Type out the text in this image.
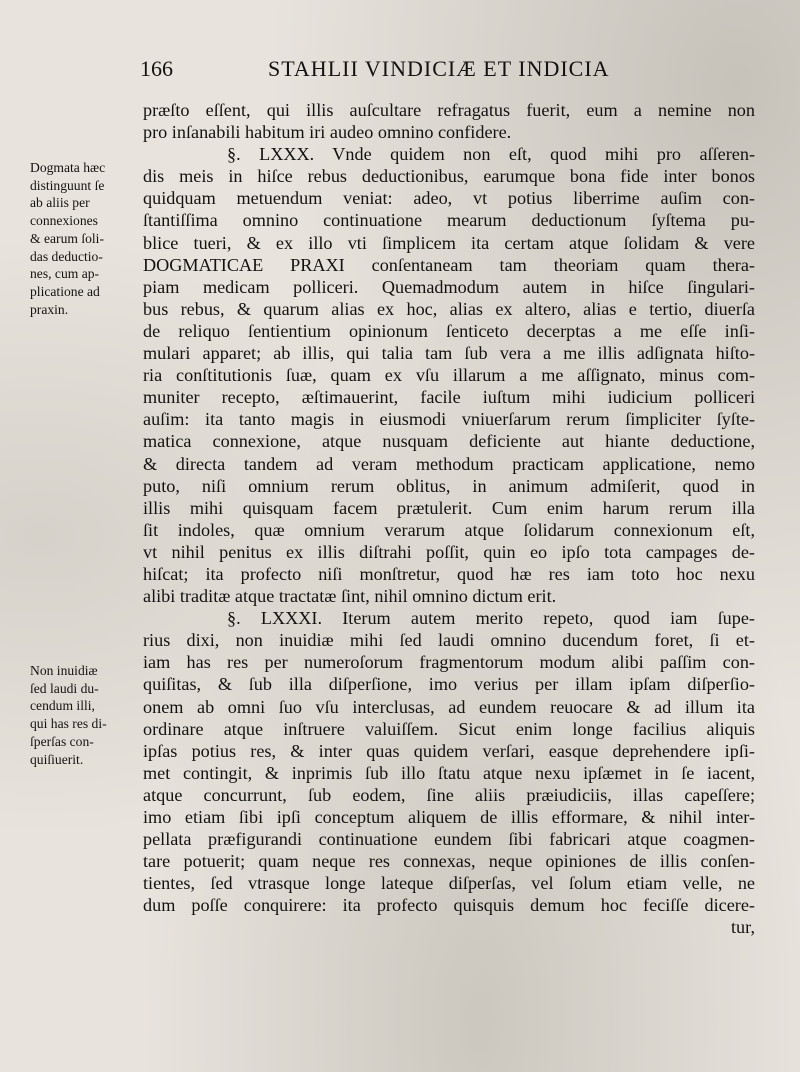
166	STAHLII VINDICIÆ ET INDICIA
Dogmata hæc
distinguunt ſe
ab aliis per
connexiones
& earum ſoli-
das deductio-
nes, cum ap-
plicatione ad
praxin.
Non inuidiæ
ſed laudi du-
cendum illi,
qui has res di-
ſperſas con-
quiſiuerit.
præſto eſſent, qui illis auſcultare refragatus fuerit, eum a nemine non
pro inſanabili habitum iri audeo omnino confidere.
§. LXXX. Vnde quidem non eſt, quod mihi pro aſſeren-
dis meis in hiſce rebus deductionibus, earumque bona fide inter bonos
quidquam metuendum veniat: adeo, vt potius liberrime auſim con-
ſtantiſſima omnino continuatione mearum deductionum ſyſtema pu-
blice tueri, & ex illo vti ſimplicem ita certam atque ſolidam & vere
DOGMATICAE PRAXI conſentaneam tam theoriam quam thera-
piam medicam polliceri. Quemadmodum autem in hiſce ſingulari-
bus rebus, & quarum alias ex hoc, alias ex altero, alias e tertio, diuerſa
de reliquo ſentientium opinionum ſenticeto decerptas a me eſſe inſi-
mulari apparet; ab illis, qui talia tam ſub vera a me illis adſignata hiſto-
ria conſtitutionis ſuæ, quam ex vſu illarum a me aſſignato, minus com-
muniter recepto, æſtimauerint, facile iuſtum mihi iudicium polliceri
auſim: ita tanto magis in eiusmodi vniuerſarum rerum ſimpliciter ſyſte-
matica connexione, atque nusquam deficiente aut hiante deductione,
& directa tandem ad veram methodum practicam applicatione, nemo
puto, niſi omnium rerum oblitus, in animum admiſerit, quod in
illis mihi quisquam facem prætulerit. Cum enim harum rerum illa
ſit indoles, quæ omnium verarum atque ſolidarum connexionum eſt,
vt nihil penitus ex illis diſtrahi poſſit, quin eo ipſo tota campages de-
hiſcat; ita profecto niſi monſtretur, quod hæ res iam toto hoc nexu
alibi traditæ atque tractatæ ſint, nihil omnino dictum erit.
§. LXXXI. Iterum autem merito repeto, quod iam ſupe-
rius dixi, non inuidiæ mihi ſed laudi omnino ducendum foret, ſi et-
iam has res per numeroſorum fragmentorum modum alibi paſſim con-
quiſitas, & ſub illa diſperſione, imo verius per illam ipſam diſperſio-
onem ab omni ſuo vſu interclusas, ad eundem reuocare & ad illum ita
ordinare atque inſtruere valuiſſem. Sicut enim longe facilius aliquis
ipſas potius res, & inter quas quidem verſari, easque deprehendere ipſi-
met contingit, & inprimis ſub illo ſtatu atque nexu ipſæmet in ſe iacent,
atque concurrunt, ſub eodem, ſine aliis præiudiciis, illas capeſſere;
imo etiam ſibi ipſi conceptum aliquem de illis efformare, & nihil inter-
pellata præfigurandi continuatione eundem ſibi fabricari atque coagmen-
tare potuerit; quam neque res connexas, neque opiniones de illis conſen-
tientes, ſed vtrasque longe lateque diſperſas, vel ſolum etiam velle, ne
dum poſſe conquirere: ita profecto quisquis demum hoc feciſſe dicere-
tur,
